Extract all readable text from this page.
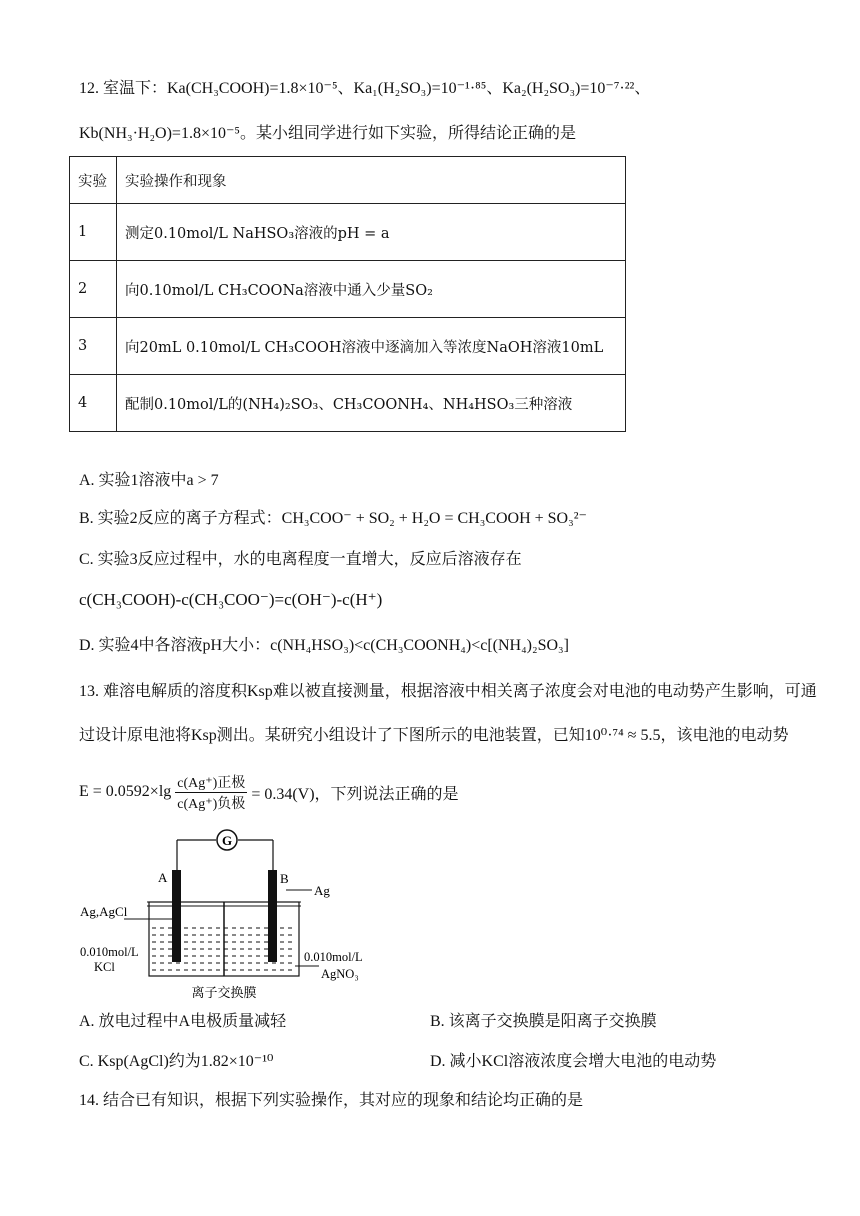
12. 室温下：Ka(CH₃COOH)=1.8×10⁻⁵、Ka₁(H₂SO₃)=10⁻¹·⁸⁵、Ka₂(H₂SO₃)=10⁻⁷·²²、
Kb(NH₃·H₂O)=1.8×10⁻⁵。某小组同学进行如下实验，所得结论正确的是
实验	实验操作和现象
1	测定0.10mol/L NaHSO₃溶液的pH = a
2	向0.10mol/L CH₃COONa溶液中通入少量SO₂
3	向20mL 0.10mol/L CH₃COOH溶液中逐滴加入等浓度NaOH溶液10mL
4	配制0.10mol/L的(NH₄)₂SO₃、CH₃COONH₄、NH₄HSO₃三种溶液
A. 实验1溶液中a > 7
B. 实验2反应的离子方程式：CH₃COO⁻ + SO₂ + H₂O = CH₃COOH + SO₃²⁻
C. 实验3反应过程中，水的电离程度一直增大，反应后溶液存在
c(CH₃COOH)-c(CH₃COO⁻)=c(OH⁻)-c(H⁺)
D. 实验4中各溶液pH大小：c(NH₄HSO₃)<c(CH₃COONH₄)<c[(NH₄)₂SO₃]
13. 难溶电解质的溶度积Ksp难以被直接测量，根据溶液中相关离子浓度会对电池的电动势产生影响，可通
过设计原电池将Ksp测出。某研究小组设计了下图所示的电池装置，已知10⁰·⁷⁴ ≈ 5.5，该电池的电动势
E = 0.0592×lg c(Ag⁺)正极
c(Ag⁺)负极
= 0.34(V)，下列说法正确的是
G
A	B
Ag
Ag,AgCl
0.010mol/L
KCl
0.010mol/L
AgNO₃
离子交换膜
A. 放电过程中A电极质量减轻	B. 该离子交换膜是阳离子交换膜
C. Ksp(AgCl)约为1.82×10⁻¹⁰	D. 减小KCl溶液浓度会增大电池的电动势
14. 结合已有知识，根据下列实验操作，其对应的现象和结论均正确的是
